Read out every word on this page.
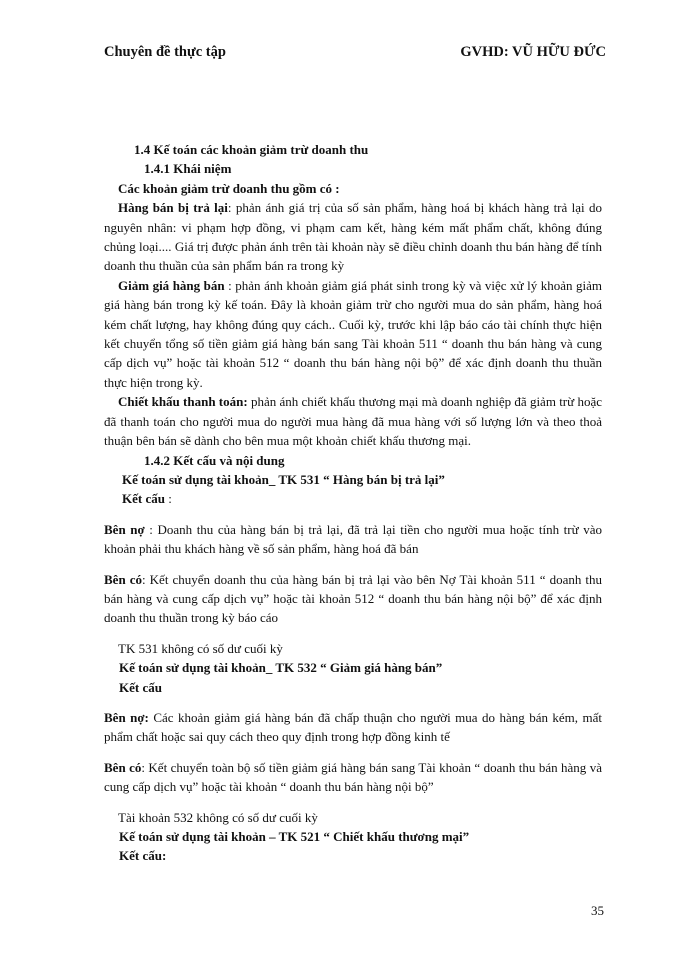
Chuyên đề thực tập	GVHD: VŨ HỮU ĐỨC

1.4 Kế toán các khoản giảm trừ doanh thu

1.4.1 Khái niệm

Các khoản giảm trừ doanh thu gồm có :

Hàng bán bị trả lại: phản ánh giá trị của số sản phẩm, hàng hoá bị khách hàng trả lại do nguyên nhân: vi phạm hợp đồng, vi phạm cam kết, hàng kém mất phẩm chất, không đúng chủng loại.... Giá trị được phản ánh trên tài khoản này sẽ điều chỉnh doanh thu bán hàng để tính doanh thu thuần của sản phẩm bán ra trong kỳ

Giảm giá hàng bán : phản ánh khoản giảm giá phát sinh trong kỳ và việc xử lý khoản giảm giá hàng bán trong kỳ kế toán. Đây là khoản giảm trừ cho người mua do sản phẩm, hàng hoá kém chất lượng, hay không đúng quy cách.. Cuối kỳ, trước khi lập báo cáo tài chính thực hiện kết chuyển tổng số tiền giảm giá hàng bán sang Tài khoản 511 “ doanh thu bán hàng và cung cấp dịch vụ” hoặc tài khoản 512 “ doanh thu bán hàng nội bộ” để xác định doanh thu thuần thực hiện trong kỳ.

Chiết khấu thanh toán: phản ánh chiết khấu thương mại mà doanh nghiệp đã giảm trừ hoặc đã thanh toán cho người mua do người mua hàng đã mua hàng với số lượng lớn và theo thoả thuận bên bán sẽ dành cho bên mua một khoản chiết khấu thương mại.

1.4.2 Kết cấu và nội dung

Kế toán sử dụng tài khoản_ TK 531 “ Hàng bán bị trả lại”

Kết cấu :

Bên nợ : Doanh thu của hàng bán bị trả lại, đã trả lại tiền cho người mua hoặc tính trừ vào khoản phải thu khách hàng về số sản phẩm, hàng hoá đã bán

Bên có: Kết chuyển doanh thu của hàng bán bị trả lại vào bên Nợ Tài khoản 511 “ doanh thu bán hàng và cung cấp dịch vụ” hoặc tài khoản 512 “ doanh thu bán hàng nội bộ” để xác định doanh thu thuần trong kỳ báo cáo

TK 531 không có số dư cuối kỳ

Kế toán sử dụng tài khoản_ TK 532 “ Giảm giá hàng bán”

Kết cấu

Bên nợ: Các khoản giảm giá hàng bán đã chấp thuận cho người mua do hàng bán kém, mất phẩm chất hoặc sai quy cách theo quy định trong hợp đồng kinh tế

Bên có: Kết chuyển toàn bộ số tiền giảm giá hàng bán sang Tài khoản “ doanh thu bán hàng và cung cấp dịch vụ” hoặc tài khoản “ doanh thu bán hàng nội bộ”

Tài khoản 532 không có số dư cuối kỳ

Kế toán sử dụng tài khoản – TK 521 “ Chiết khấu thương mại”

Kết cấu:

35
